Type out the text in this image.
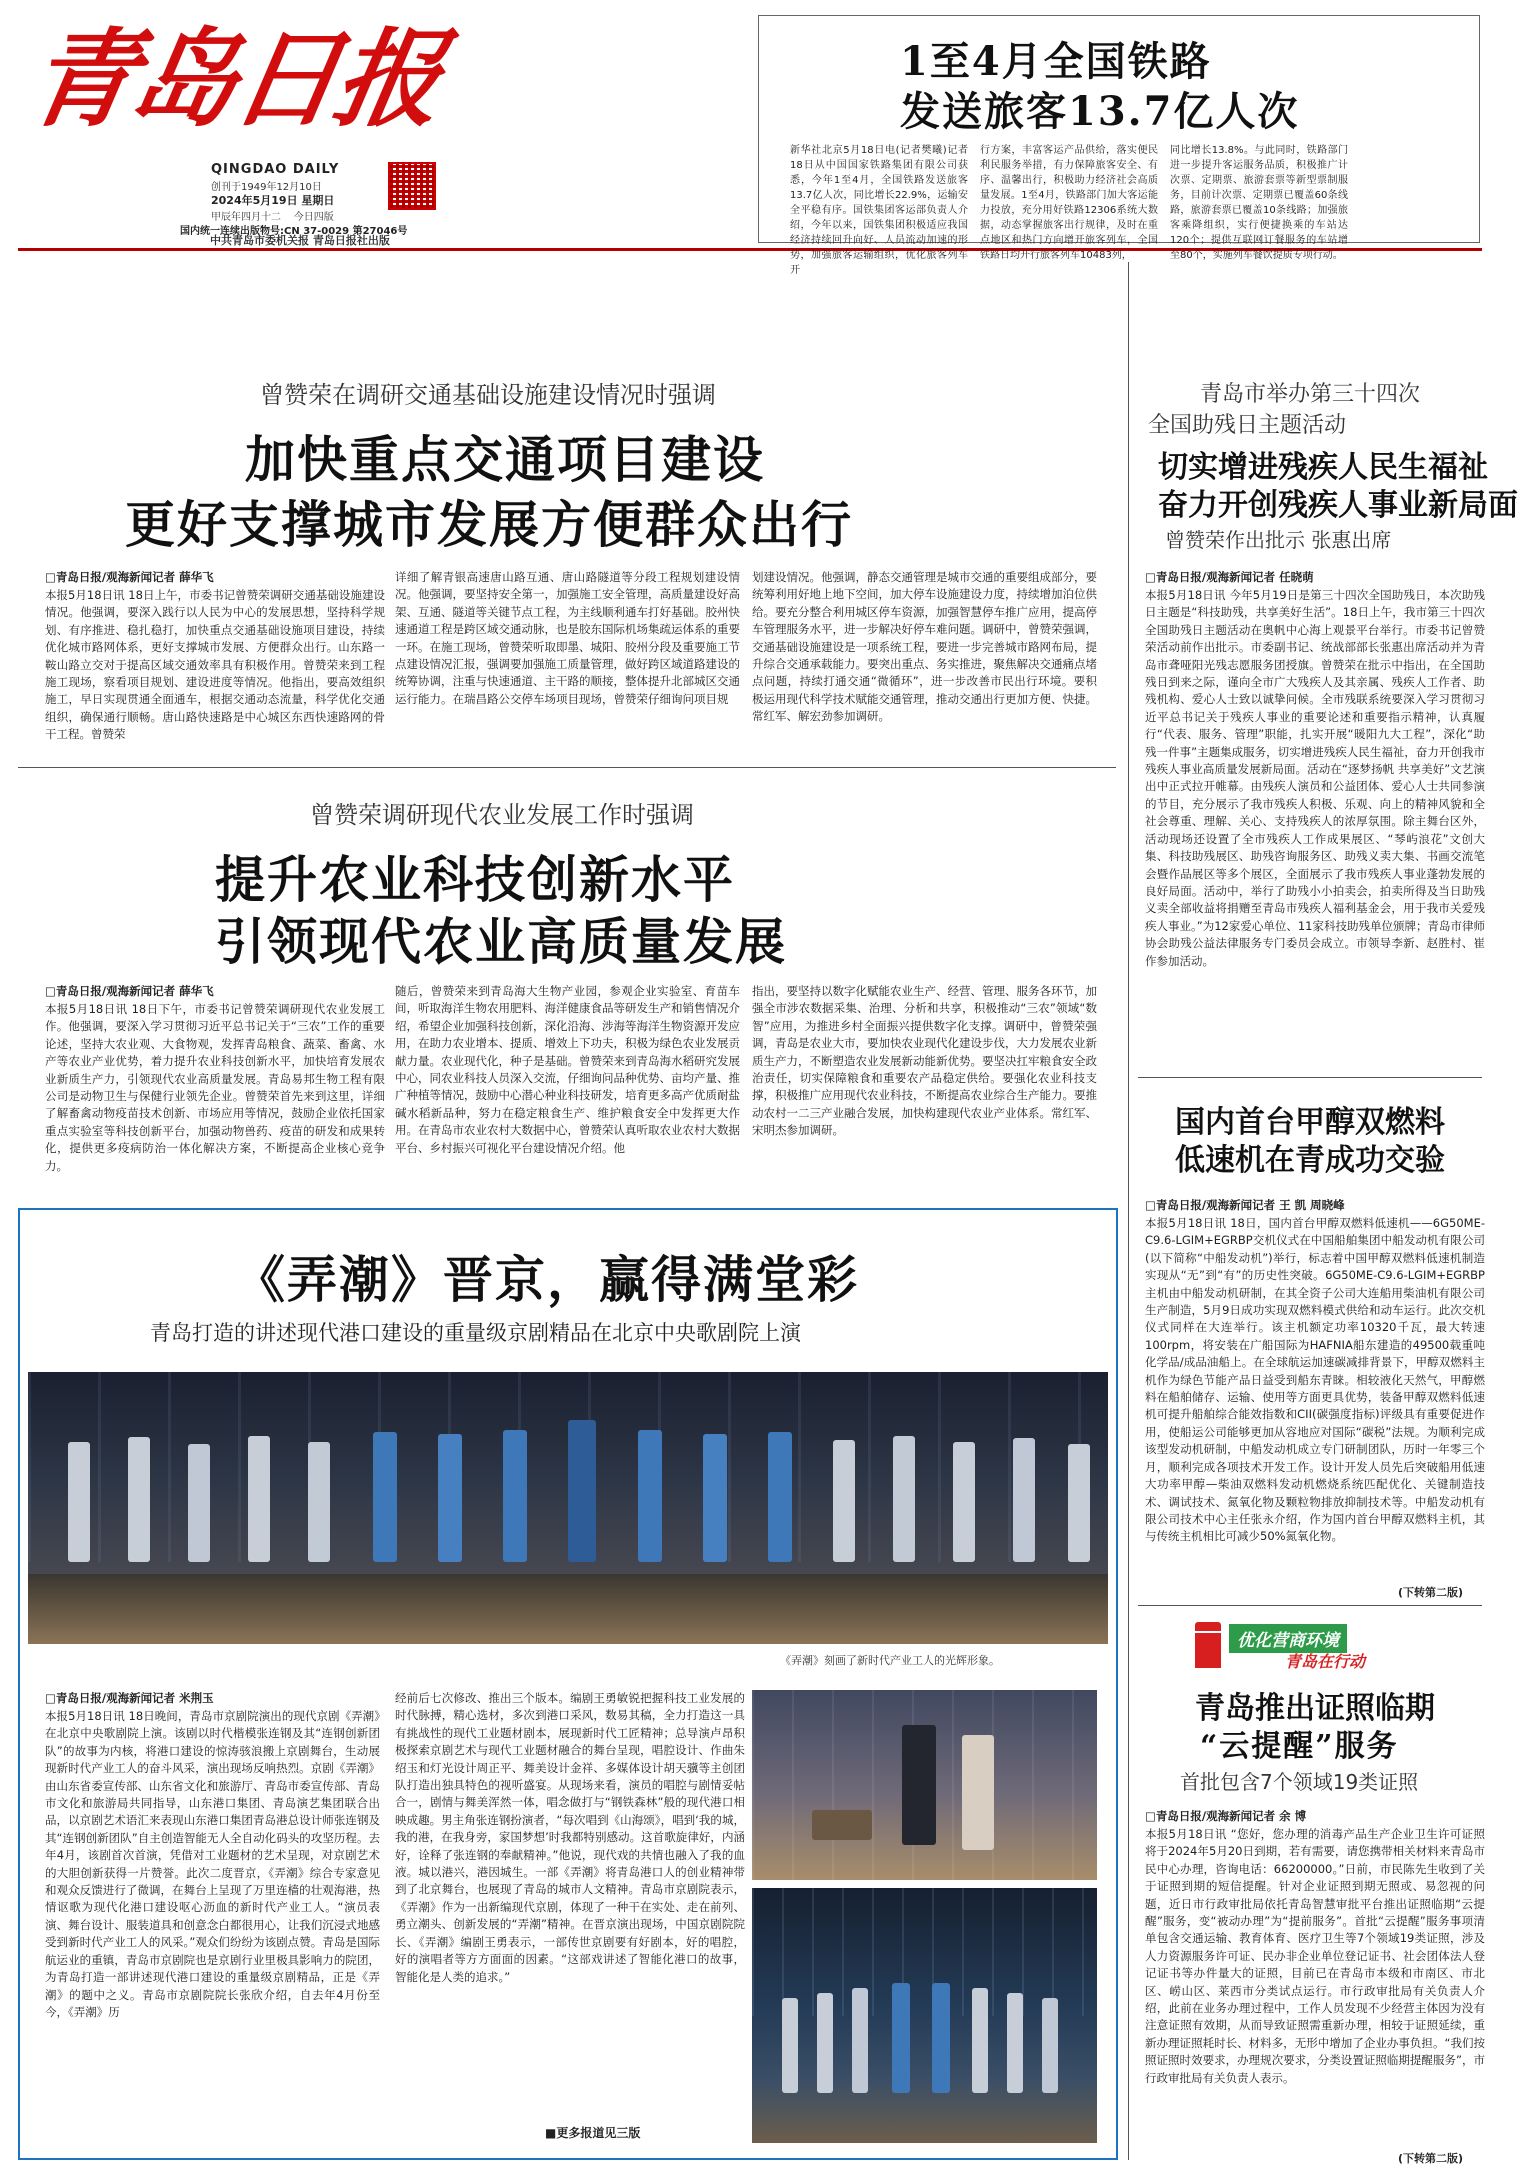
青岛日报
QINGDAO DAILY
创刊于1949年12月10日
2024年5月19日 星期日
甲辰年四月十二 今日四版
国内统一连续出版物号:CN 37-0029 第27046号
中共青岛市委机关报 青岛日报社出版
1至4月全国铁路
发送旅客13.7亿人次
新华社北京5月18日电(记者樊曦)记者18日从中国国家铁路集团有限公司获悉，今年1至4月，全国铁路发送旅客13.7亿人次，同比增长22.9%，运输安全平稳有序。国铁集团客运部负责人介绍，今年以来，国铁集团积极适应我国经济持续回升向好、人员流动加速的形势，加强旅客运输组织，优化旅客列车开
行方案，丰富客运产品供给，落实便民利民服务举措，有力保障旅客安全、有序、温馨出行，积极助力经济社会高质量发展。1至4月，铁路部门加大客运能力投放，充分用好铁路12306系统大数据，动态掌握旅客出行规律，及时在重点地区和热门方向增开旅客列车，全国铁路日均开行旅客列车10483列，
同比增长13.8%。与此同时，铁路部门进一步提升客运服务品质，积极推广计次票、定期票、旅游套票等新型票制服务，目前计次票、定期票已覆盖60条线路，旅游套票已覆盖10条线路；加强旅客乘降组织，实行便捷换乘的车站达120个；提供互联网订餐服务的车站增至80个，实施列车餐饮提质专项行动。
曾赞荣在调研交通基础设施建设情况时强调
加快重点交通项目建设
更好支撑城市发展方便群众出行
□青岛日报/观海新闻记者 薛华飞
本报5月18日讯 18日上午，市委书记曾赞荣调研交通基础设施建设情况。他强调，要深入践行以人民为中心的发展思想，坚持科学规划、有序推进、稳扎稳打，加快重点交通基础设施项目建设，持续优化城市路网体系，更好支撑城市发展、方便群众出行。山东路一鞍山路立交对于提高区域交通效率具有积极作用。曾赞荣来到工程施工现场，察看项目规划、建设进度等情况。他指出，要高效组织施工，早日实现贯通全面通车，根据交通动态流量，科学优化交通组织，确保通行顺畅。唐山路快速路是中心城区东西快速路网的骨干工程。曾赞荣
详细了解青银高速唐山路互通、唐山路隧道等分段工程规划建设情况。他强调，要坚持安全第一，加强施工安全管理，高质量建设好高架、互通、隧道等关键节点工程，为主线顺利通车打好基础。胶州快速通道工程是跨区域交通动脉，也是胶东国际机场集疏运体系的重要一环。在施工现场，曾赞荣听取即墨、城阳、胶州分段及重要施工节点建设情况汇报，强调要加强施工质量管理，做好跨区域道路建设的统筹协调，注重与快速通道、主干路的顺接，整体提升北部城区交通运行能力。在瑞昌路公交停车场项目现场，曾赞荣仔细询问项目规
划建设情况。他强调，静态交通管理是城市交通的重要组成部分，要统筹利用好地上地下空间，加大停车设施建设力度，持续增加泊位供给。要充分整合利用城区停车资源，加强智慧停车推广应用，提高停车管理服务水平，进一步解决好停车难问题。调研中，曾赞荣强调，交通基础设施建设是一项系统工程，要进一步完善城市路网布局，提升综合交通承载能力。要突出重点、务实推进，聚焦解决交通痛点堵点问题，持续打通交通“微循环”，进一步改善市民出行环境。要积极运用现代科学技术赋能交通管理，推动交通出行更加方便、快捷。常红军、解宏劲参加调研。
曾赞荣调研现代农业发展工作时强调
提升农业科技创新水平
引领现代农业高质量发展
□青岛日报/观海新闻记者 薛华飞
本报5月18日讯 18日下午，市委书记曾赞荣调研现代农业发展工作。他强调，要深入学习贯彻习近平总书记关于“三农”工作的重要论述，坚持大农业观、大食物观，发挥青岛粮食、蔬菜、畜禽、水产等农业产业优势，着力提升农业科技创新水平，加快培育发展农业新质生产力，引领现代农业高质量发展。青岛易邦生物工程有限公司是动物卫生与保健行业领先企业。曾赞荣首先来到这里，详细了解畜禽动物疫苗技术创新、市场应用等情况，鼓励企业依托国家重点实验室等科技创新平台，加强动物兽药、疫苗的研发和成果转化，提供更多疫病防治一体化解决方案，不断提高企业核心竞争力。
随后，曾赞荣来到青岛海大生物产业园，参观企业实验室、育苗车间，听取海洋生物农用肥料、海洋健康食品等研发生产和销售情况介绍，希望企业加强科技创新，深化沿海、涉海等海洋生物资源开发应用，在助力农业增本、提质、增效上下功夫，积极为绿色农业发展贡献力量。农业现代化，种子是基础。曾赞荣来到青岛海水稻研究发展中心，同农业科技人员深入交流，仔细询问品种优势、亩均产量、推广种植等情况，鼓励中心潜心种业科技研发，培育更多高产优质耐盐碱水稻新品种，努力在稳定粮食生产、维护粮食安全中发挥更大作用。在青岛市农业农村大数据中心，曾赞荣认真听取农业农村大数据平台、乡村振兴可视化平台建设情况介绍。他
指出，要坚持以数字化赋能农业生产、经营、管理、服务各环节，加强全市涉农数据采集、治理、分析和共享，积极推动“三农”领域“数智”应用，为推进乡村全面振兴提供数字化支撑。调研中，曾赞荣强调，青岛是农业大市，要加快农业现代化建设步伐，大力发展农业新质生产力，不断塑造农业发展新动能新优势。要坚决扛牢粮食安全政治责任，切实保障粮食和重要农产品稳定供给。要强化农业科技支撑，积极推广应用现代农业科技，不断提高农业综合生产能力。要推动农村一二三产业融合发展，加快构建现代农业产业体系。常红军、宋明杰参加调研。
《弄潮》晋京，赢得满堂彩
青岛打造的讲述现代港口建设的重量级京剧精品在北京中央歌剧院上演
《弄潮》刻画了新时代产业工人的光辉形象。
□青岛日报/观海新闻记者 米荆玉
本报5月18日讯 18日晚间，青岛市京剧院演出的现代京剧《弄潮》在北京中央歌剧院上演。该剧以时代楷模张连钢及其“连钢创新团队”的故事为内核，将港口建设的惊涛骇浪搬上京剧舞台，生动展现新时代产业工人的奋斗风采，演出现场反响热烈。京剧《弄潮》由山东省委宣传部、山东省文化和旅游厅、青岛市委宣传部、青岛市文化和旅游局共同指导，山东港口集团、青岛演艺集团联合出品，以京剧艺术语汇来表现山东港口集团青岛港总设计师张连钢及其“连钢创新团队”自主创造智能无人全自动化码头的攻坚历程。去年4月，该剧首次首演，凭借对工业题材的艺术呈现，对京剧艺术的大胆创新获得一片赞誉。此次二度晋京，《弄潮》综合专家意见和观众反馈进行了微调，在舞台上呈现了万里连樯的壮观海港，热情讴歌为现代化港口建设呕心沥血的新时代产业工人。“演员表演、舞台设计、服装道具和创意念白都很用心，让我们沉浸式地感受到新时代产业工人的风采。”观众们纷纷为该剧点赞。青岛是国际航运业的重镇，青岛市京剧院也是京剧行业里极具影响力的院团，为青岛打造一部讲述现代港口建设的重量级京剧精品，正是《弄潮》的题中之义。青岛市京剧院院长张欣介绍，自去年4月份至今，《弄潮》历
经前后七次修改、推出三个版本。编剧王勇敏锐把握科技工业发展的时代脉搏，精心选材，多次到港口采风，数易其稿，全力打造这一具有挑战性的现代工业题材剧本，展现新时代工匠精神；总导演卢昂积极探索京剧艺术与现代工业题材融合的舞台呈现，唱腔设计、作曲朱绍玉和灯光设计周正平、舞美设计金祥、多媒体设计胡天骥等主创团队打造出独具特色的视听盛宴。从现场来看，演员的唱腔与剧情妥帖合一，剧情与舞美浑然一体，唱念做打与“钢铁森林”般的现代港口相映成趣。男主角张连钢扮演者，“每次唱到《山海颂》，唱到‘我的城，我的港，在我身旁，家国梦想’时我都特别感动。这首歌旋律好，内涵好，诠释了张连钢的奉献精神。”他说，现代戏的共情也融入了我的血液。城以港兴，港因城生。一部《弄潮》将青岛港口人的创业精神带到了北京舞台，也展现了青岛的城市人文精神。青岛市京剧院表示，《弄潮》作为一出新编现代京剧，体现了一种干在实处、走在前列、勇立潮头、创新发展的“弄潮”精神。在晋京演出现场，中国京剧院院长、《弄潮》编剧王勇表示，一部传世京剧要有好剧本，好的唱腔，好的演唱者等方方面面的因素。“这部戏讲述了智能化港口的故事，智能化是人类的追求。”
■更多报道见三版
青岛市举办第三十四次
全国助残日主题活动
切实增进残疾人民生福祉
奋力开创残疾人事业新局面
曾赞荣作出批示 张惠出席
□青岛日报/观海新闻记者 任晓萌
本报5月18日讯 今年5月19日是第三十四次全国助残日，本次助残日主题是“科技助残，共享美好生活”。18日上午，我市第三十四次全国助残日主题活动在奥帆中心海上观景平台举行。市委书记曾赞荣活动前作出批示。市委副书记、统战部部长张惠出席活动并为青岛市聋哑阳光残志愿服务团授旗。曾赞荣在批示中指出，在全国助残日到来之际，谨向全市广大残疾人及其亲属、残疾人工作者、助残机构、爱心人士致以诚挚问候。全市残联系统要深入学习贯彻习近平总书记关于残疾人事业的重要论述和重要指示精神，认真履行“代表、服务、管理”职能，扎实开展“暖阳九大工程”，深化“助残一件事”主题集成服务，切实增进残疾人民生福祉，奋力开创我市残疾人事业高质量发展新局面。活动在“逐梦扬帆 共享美好”文艺演出中正式拉开帷幕。由残疾人演员和公益团体、爱心人士共同参演的节目，充分展示了我市残疾人积极、乐观、向上的精神风貌和全社会尊重、理解、关心、支持残疾人的浓厚氛围。除主舞台区外，活动现场还设置了全市残疾人工作成果展区、“琴屿浪花”文创大集、科技助残展区、助残咨询服务区、助残义卖大集、书画交流笔会暨作品展区等多个展区，全面展示了我市残疾人事业蓬勃发展的良好局面。活动中，举行了助残小小拍卖会，拍卖所得及当日助残义卖全部收益将捐赠至青岛市残疾人福利基金会，用于我市关爱残疾人事业。”为12家爱心单位、11家科技助残单位颁牌；青岛市律师协会助残公益法律服务专门委员会成立。市领导李新、赵胜村、崔作参加活动。
国内首台甲醇双燃料
低速机在青成功交验
□青岛日报/观海新闻记者 王 凯 周晓峰
本报5月18日讯 18日，国内首台甲醇双燃料低速机——6G50ME-C9.6-LGIM+EGRBP交机仪式在中国船舶集团中船发动机有限公司(以下简称“中船发动机”)举行，标志着中国甲醇双燃料低速机制造实现从“无”到“有”的历史性突破。6G50ME-C9.6-LGIM+EGRBP主机由中船发动机研制，在其全资子公司大连船用柴油机有限公司生产制造，5月9日成功实现双燃料模式供给和动车运行。此次交机仪式同样在大连举行。该主机额定功率10320千瓦，最大转速100rpm，将安装在广船国际为HAFNIA船东建造的49500载重吨化学品/成品油船上。在全球航运加速碳减排背景下，甲醇双燃料主机作为绿色节能产品日益受到船东青睐。相较液化天然气，甲醇燃料在船舶储存、运输、使用等方面更具优势，装备甲醇双燃料低速机可提升船舶综合能效指数和CII(碳强度指标)评级具有重要促进作用，使船运公司能够更加从容地应对国际“碳税”法规。为顺利完成该型发动机研制，中船发动机成立专门研制团队，历时一年零三个月，顺利完成各项技术开发工作。设计开发人员先后突破船用低速大功率甲醇—柴油双燃料发动机燃烧系统匹配优化、关键制造技术、调试技术、氮氧化物及颗粒物排放抑制技术等。中船发动机有限公司技术中心主任张永介绍，作为国内首台甲醇双燃料主机，其与传统主机相比可减少50%氮氧化物。
(下转第二版)
优化营商环境
青岛在行动
青岛推出证照临期
“云提醒”服务
首批包含7个领域19类证照
□青岛日报/观海新闻记者 余 博
本报5月18日讯 “您好，您办理的消毒产品生产企业卫生许可证照将于2024年5月20日到期，若有需要，请您携带相关材料来青岛市民中心办理，咨询电话：66200000。”日前，市民陈先生收到了关于证照到期的短信提醒。针对企业证照到期无照或、易忽视的问题，近日市行政审批局依托青岛智慧审批平台推出证照临期“云提醒”服务，变“被动办理”为“提前服务”。首批“云提醒”服务事项清单包含交通运输、教育体育、医疗卫生等7个领域19类证照，涉及人力资源服务许可证、民办非企业单位登记证书、社会团体法人登记证书等办件量大的证照，目前已在青岛市本级和市南区、市北区、崂山区、莱西市分类试点运行。市行政审批局有关负责人介绍，此前在业务办理过程中，工作人员发现不少经营主体因为没有注意证照有效期，从而导致证照需重新办理，相较于证照延续，重新办理证照耗时长、材料多，无形中增加了企业办事负担。“我们按照证照时效要求，办理规次要求，分类设置证照临期提醒服务”，市行政审批局有关负责人表示。
(下转第二版)
